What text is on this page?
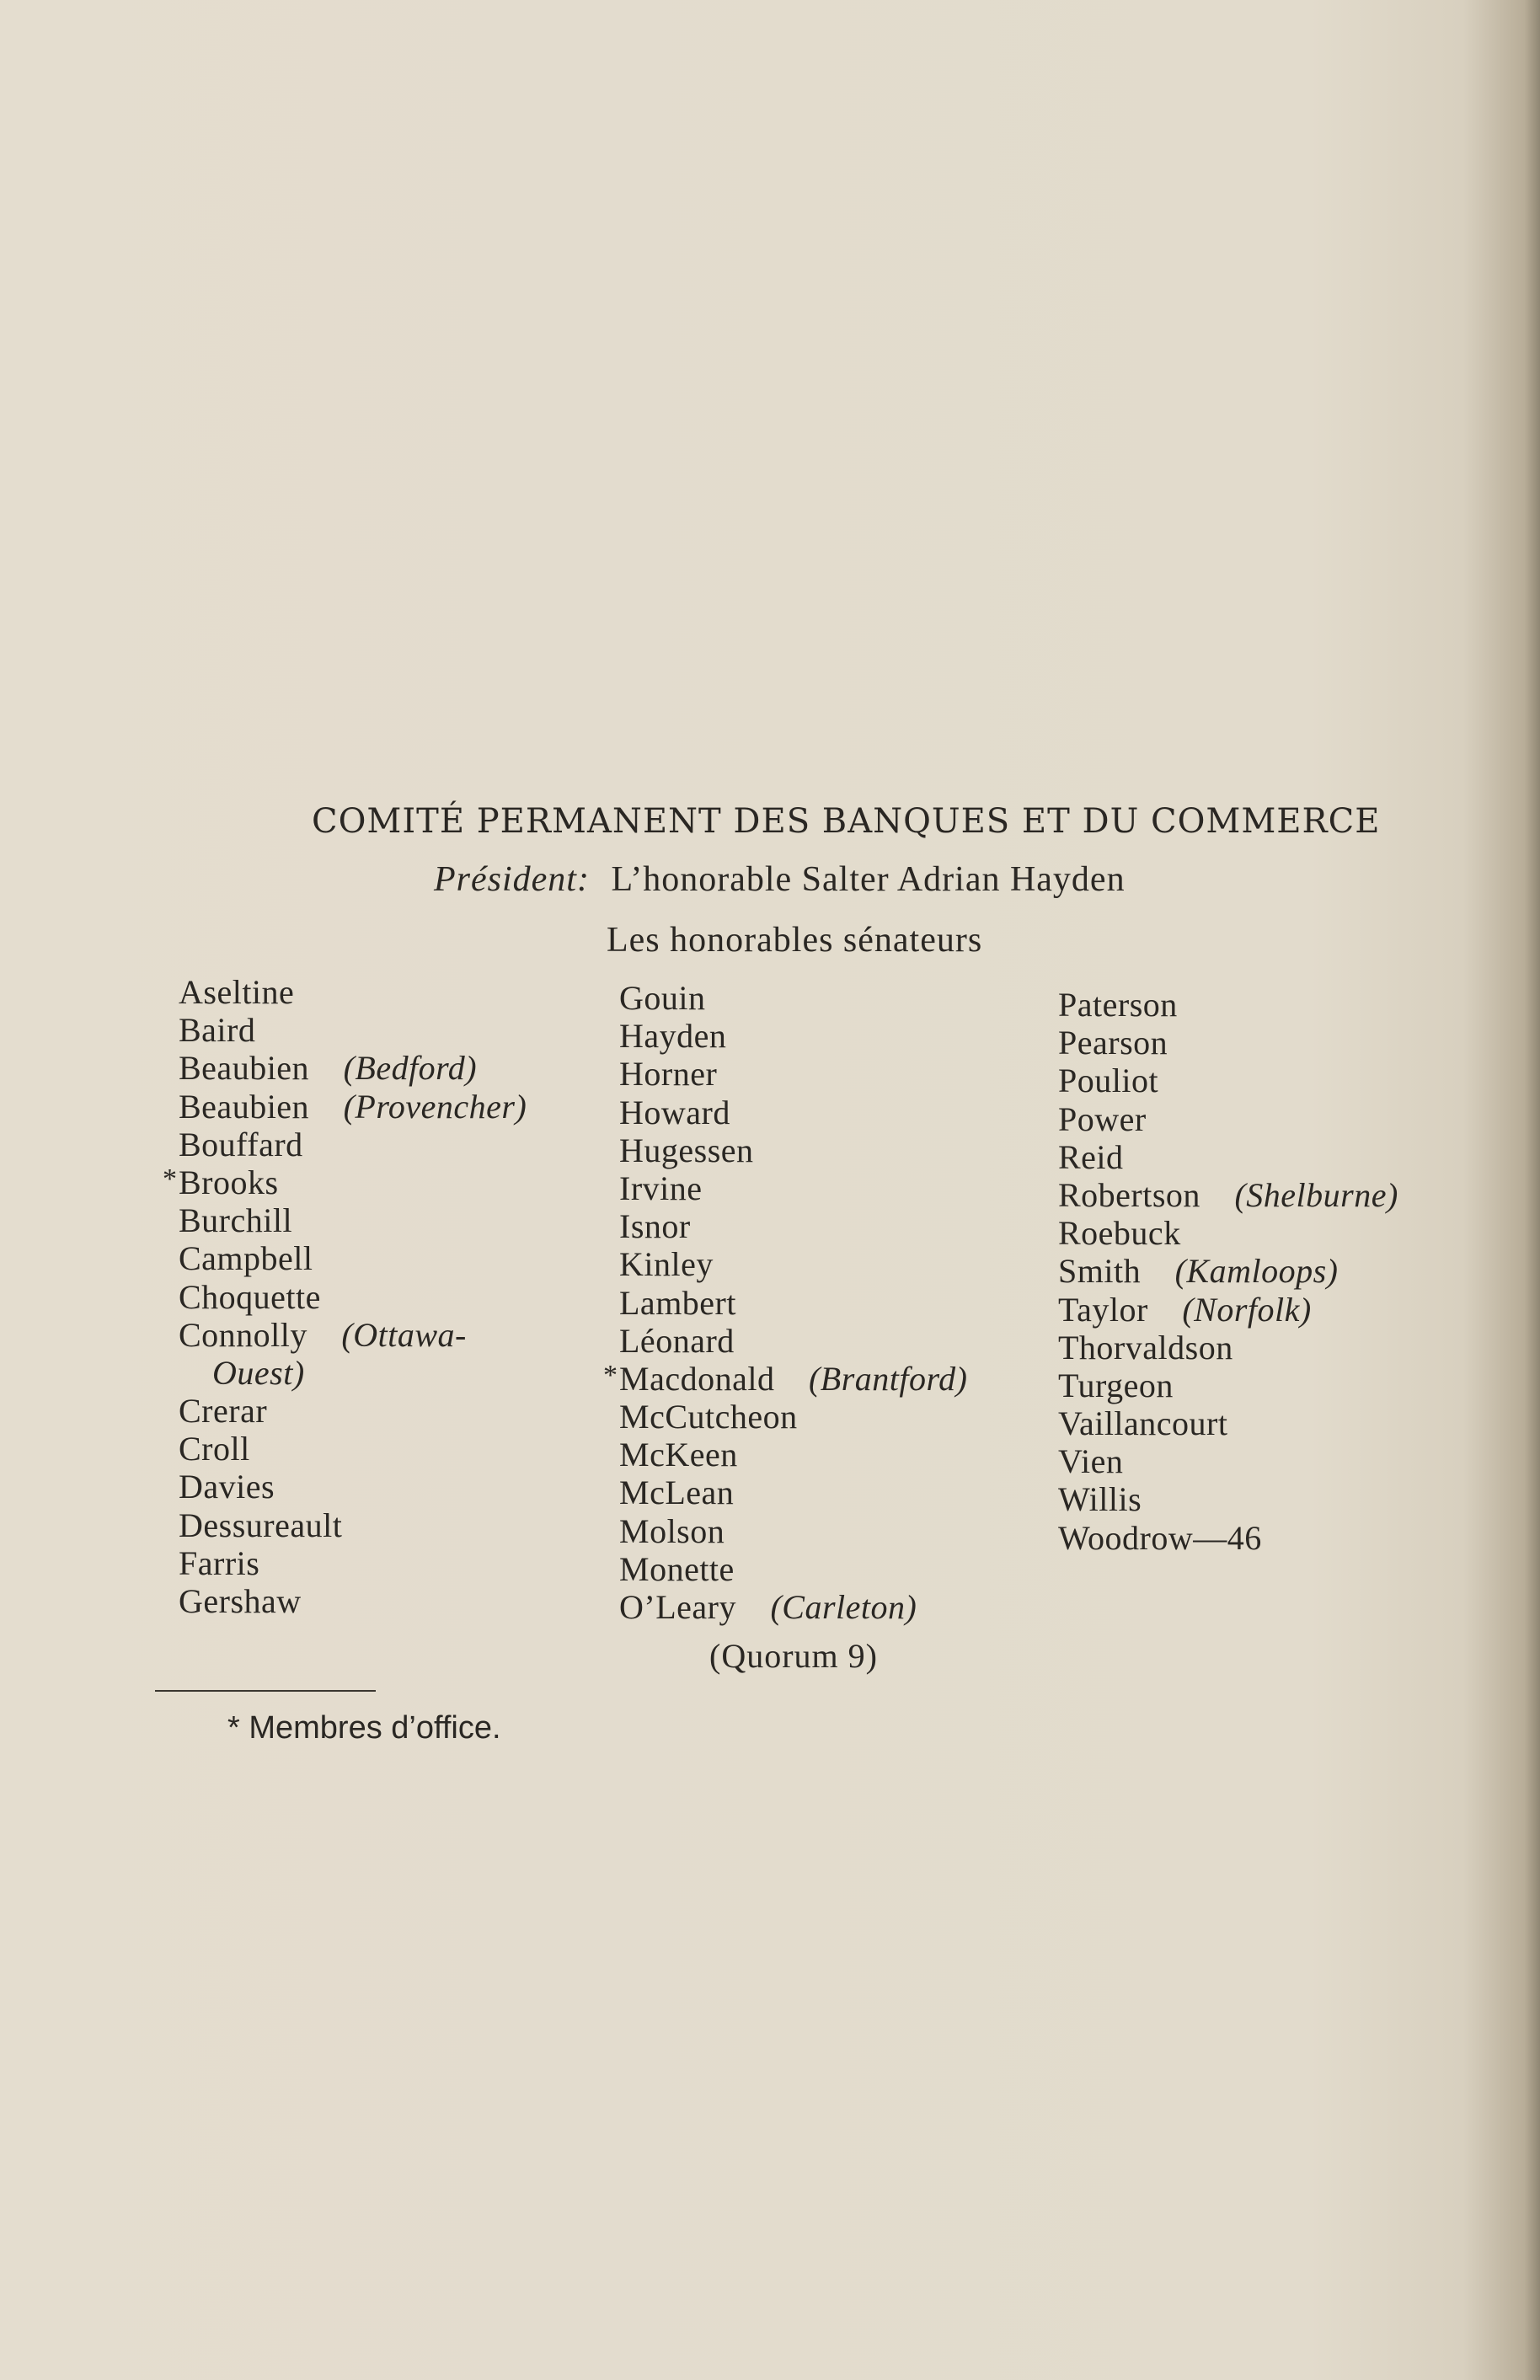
COMITÉ PERMANENT DES BANQUES ET DU COMMERCE
Président: L’honorable Salter Adrian Hayden
Les honorables sénateurs
Aseltine
Baird
Beaubien (Bedford)
Beaubien (Provencher)
Bouffard
* Brooks
Burchill
Campbell
Choquette
Connolly (Ottawa-
Ouest)
Crerar
Croll
Davies
Dessureault
Farris
Gershaw
Gouin
Hayden
Horner
Howard
Hugessen
Irvine
Isnor
Kinley
Lambert
Léonard
* Macdonald (Brantford)
McCutcheon
McKeen
McLean
Molson
Monette
O’Leary (Carleton)
Paterson
Pearson
Pouliot
Power
Reid
Robertson (Shelburne)
Roebuck
Smith (Kamloops)
Taylor (Norfolk)
Thorvaldson
Turgeon
Vaillancourt
Vien
Willis
Woodrow—46
(Quorum 9)
* Membres d’office.
